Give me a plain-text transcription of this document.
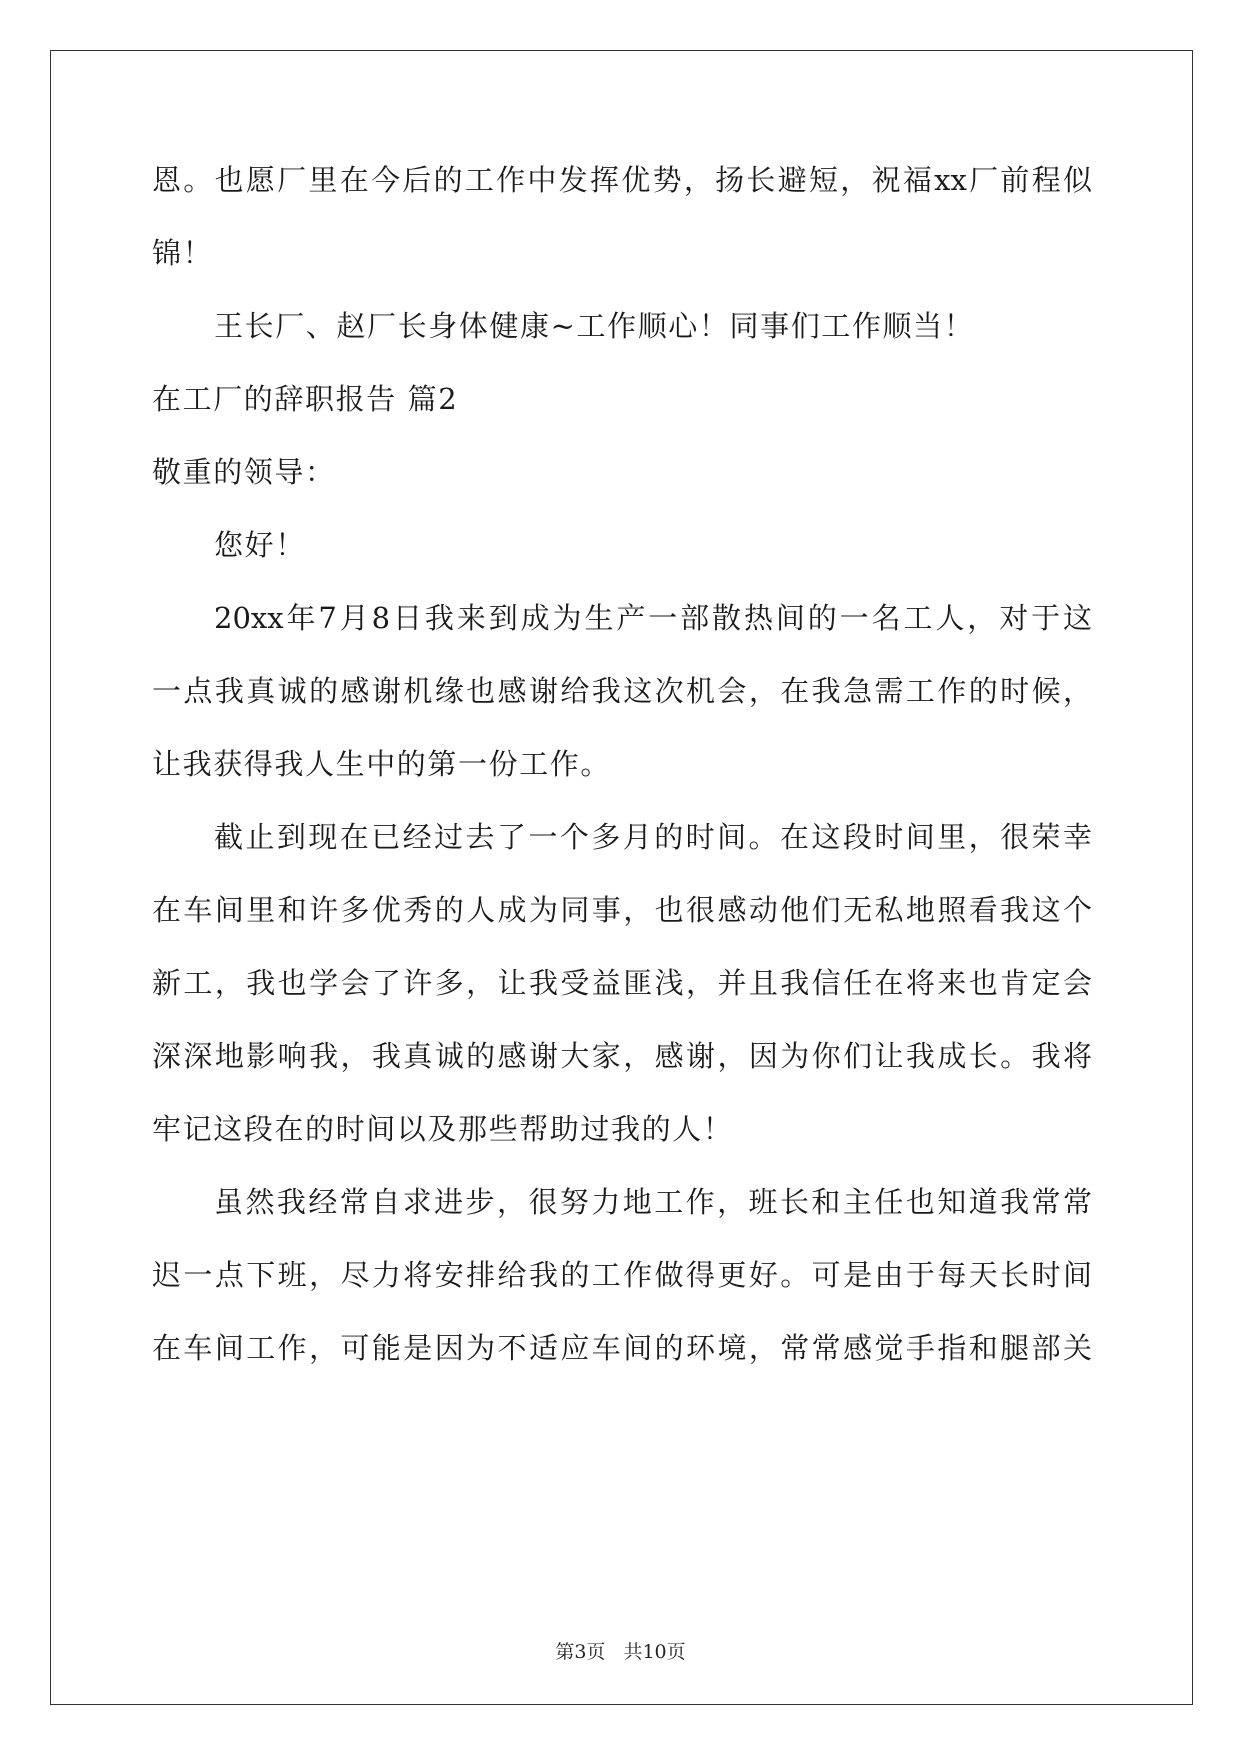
恩。也愿厂里在今后的工作中发挥优势，扬长避短，祝福xx厂前程似
锦！
王长厂、赵厂长身体健康~工作顺心！同事们工作顺当！
在工厂的辞职报告 篇2
敬重的领导：
您好！
20xx年7月8日我来到成为生产一部散热间的一名工人，对于这
一点我真诚的感谢机缘也感谢给我这次机会，在我急需工作的时候，
让我获得我人生中的第一份工作。
截止到现在已经过去了一个多月的时间。在这段时间里，很荣幸
在车间里和许多优秀的人成为同事，也很感动他们无私地照看我这个
新工，我也学会了许多，让我受益匪浅，并且我信任在将来也肯定会
深深地影响我，我真诚的感谢大家，感谢，因为你们让我成长。我将
牢记这段在的时间以及那些帮助过我的人！
虽然我经常自求进步，很努力地工作，班长和主任也知道我常常
迟一点下班，尽力将安排给我的工作做得更好。可是由于每天长时间
在车间工作，可能是因为不适应车间的环境，常常感觉手指和腿部关
第3页 共10页
